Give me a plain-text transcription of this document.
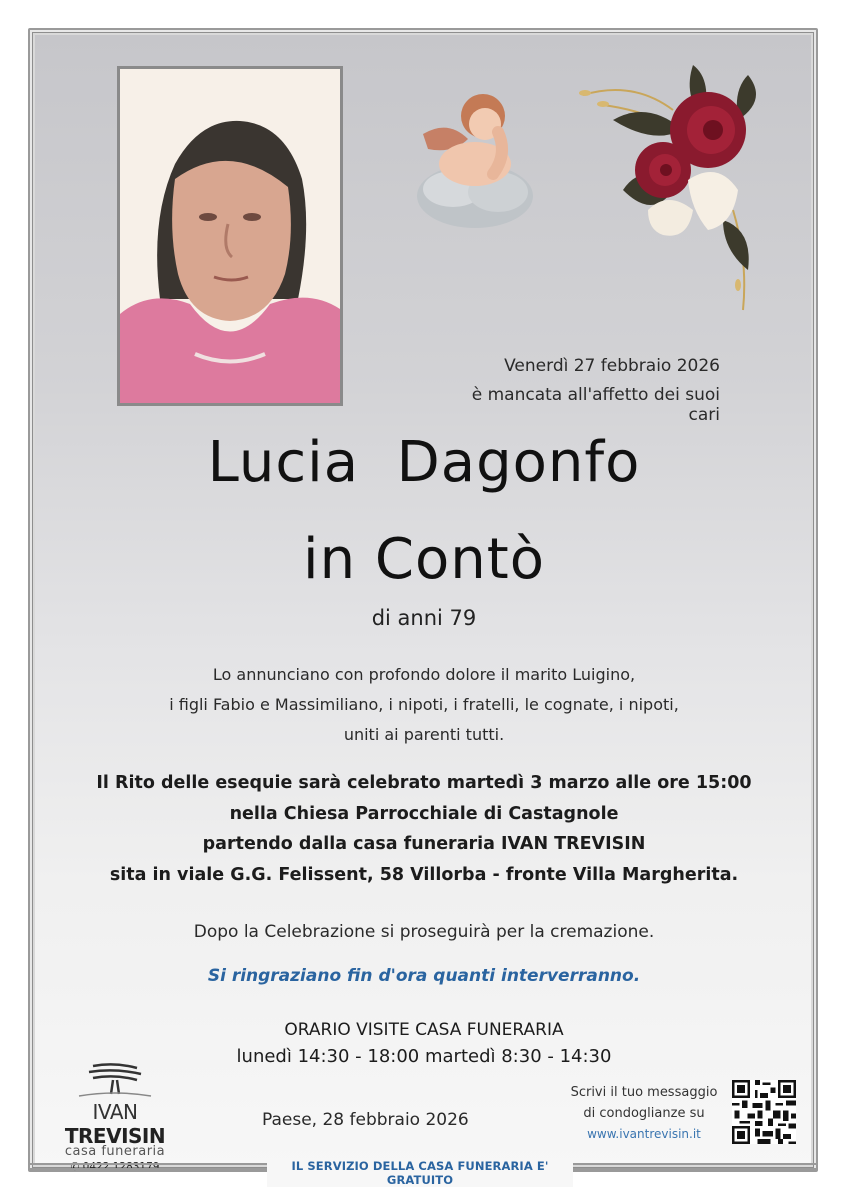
Venerdì 27 febbraio 2026
è mancata all'affetto dei suoi cari
Lucia  Dagonfo
in Contò
di anni 79
Lo annunciano con profondo dolore il marito Luigino,
i figli Fabio e Massimiliano, i nipoti, i fratelli, le cognate, i nipoti,
uniti ai parenti tutti.
Il Rito delle esequie sarà celebrato martedì 3 marzo alle ore 15:00
nella Chiesa Parrocchiale di Castagnole
partendo dalla casa funeraria IVAN TREVISIN
sita in viale G.G. Felissent, 58 Villorba - fronte Villa Margherita.
Dopo la Celebrazione si proseguirà per la cremazione.
Si ringraziano fin d'ora quanti interverranno.
ORARIO VISITE CASA FUNERARIA
lunedì 14:30 - 18:00 martedì 8:30 - 14:30
Paese, 28 febbraio 2026
IVAN TREVISIN
casa funeraria
✆ 0422.1283179
Scrivi il tuo messaggio
di condoglianze su
www.ivantrevisin.it
IL SERVIZIO DELLA CASA FUNERARIA E' GRATUITO
